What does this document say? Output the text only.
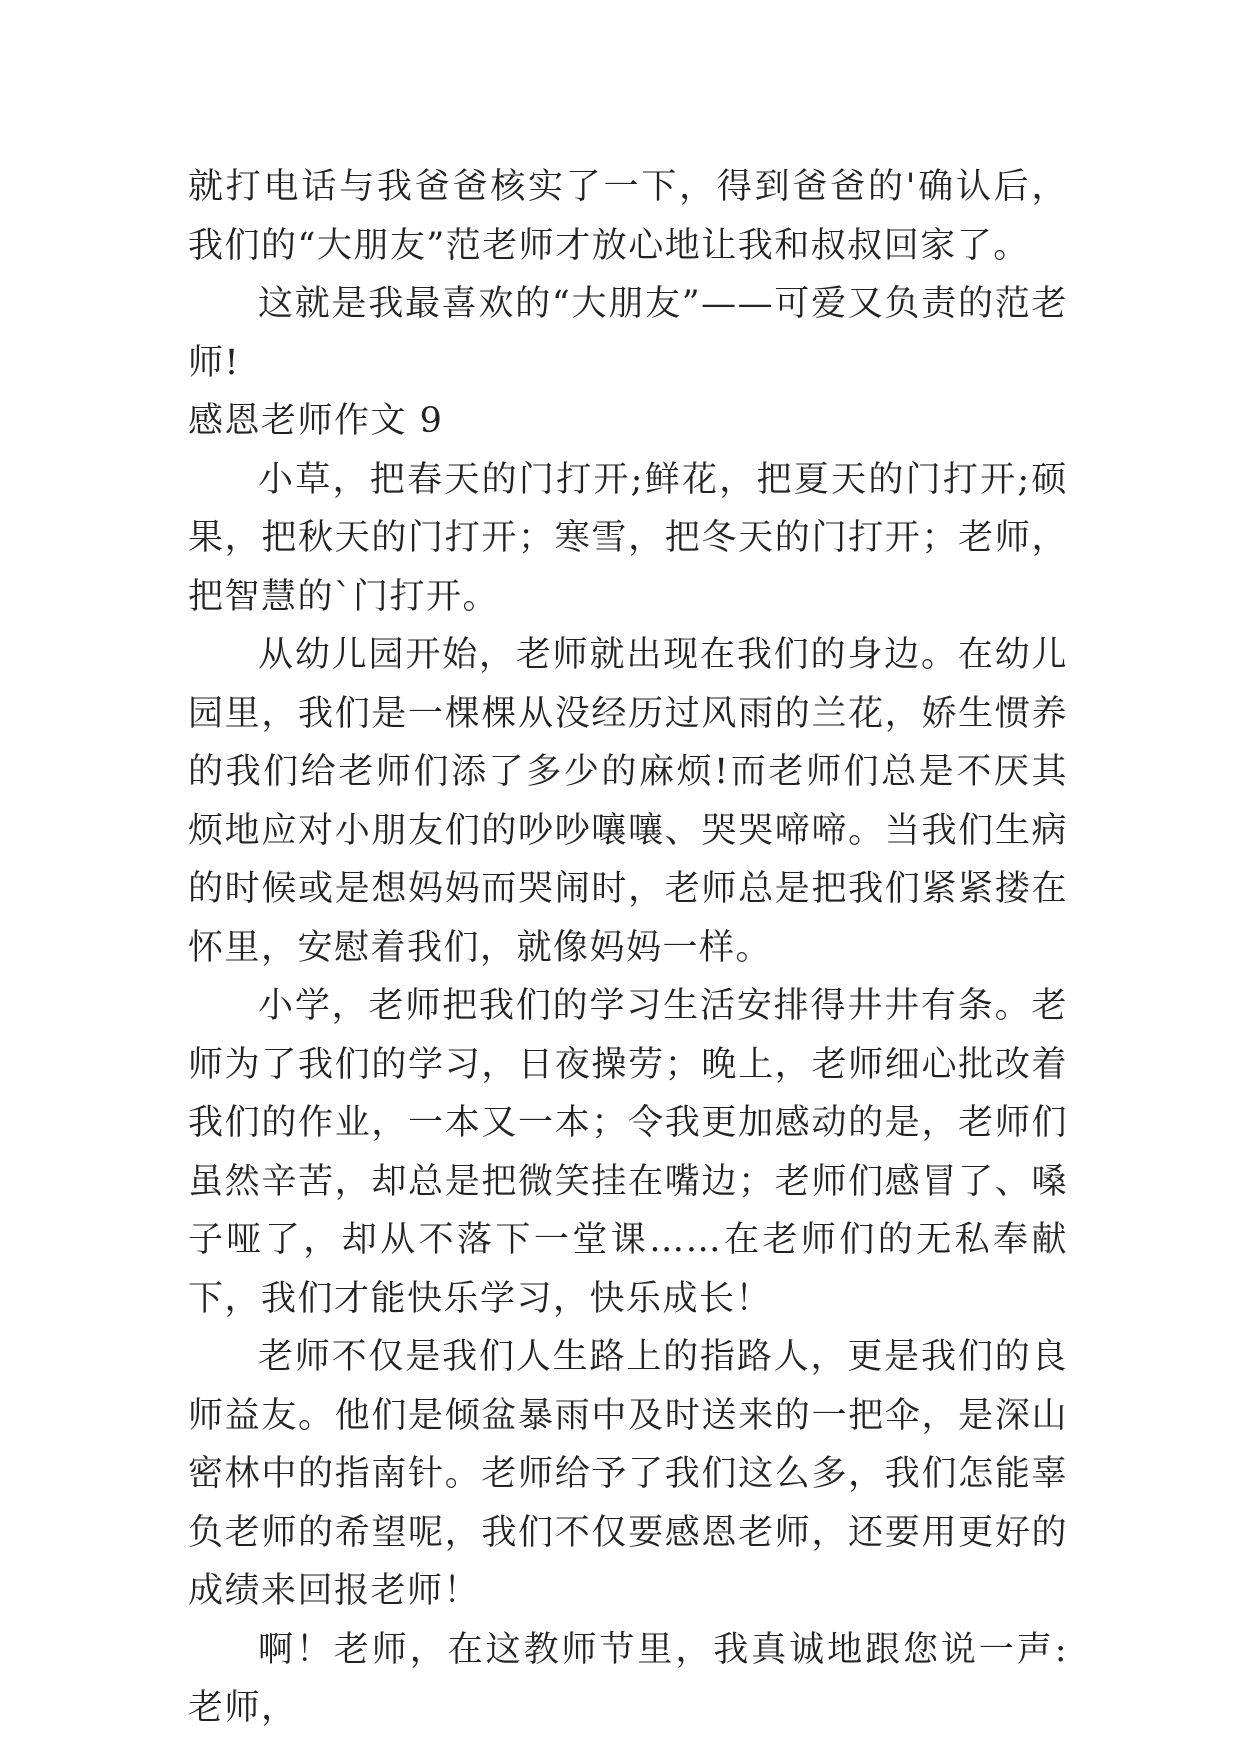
就打电话与我爸爸核实了一下，得到爸爸的'确认后，我们的“大朋友”范老师才放心地让我和叔叔回家了。

这就是我最喜欢的“大朋友”——可爱又负责的范老师!

感恩老师作文 9

小草，把春天的门打开;鲜花，把夏天的门打开;硕果，把秋天的门打开；寒雪，把冬天的门打开；老师，把智慧的`门打开。

从幼儿园开始，老师就出现在我们的身边。在幼儿园里，我们是一棵棵从没经历过风雨的兰花，娇生惯养的我们给老师们添了多少的麻烦!而老师们总是不厌其烦地应对小朋友们的吵吵嚷嚷、哭哭啼啼。当我们生病的时候或是想妈妈而哭闹时，老师总是把我们紧紧搂在怀里，安慰着我们，就像妈妈一样。

小学，老师把我们的学习生活安排得井井有条。老师为了我们的学习，日夜操劳；晚上，老师细心批改着我们的作业，一本又一本；令我更加感动的是，老师们虽然辛苦，却总是把微笑挂在嘴边；老师们感冒了、嗓子哑了，却从不落下一堂课……在老师们的无私奉献下，我们才能快乐学习，快乐成长！

老师不仅是我们人生路上的指路人，更是我们的良师益友。他们是倾盆暴雨中及时送来的一把伞，是深山密林中的指南针。老师给予了我们这么多，我们怎能辜负老师的希望呢，我们不仅要感恩老师，还要用更好的成绩来回报老师！

啊！老师，在这教师节里，我真诚地跟您说一声:老师，
